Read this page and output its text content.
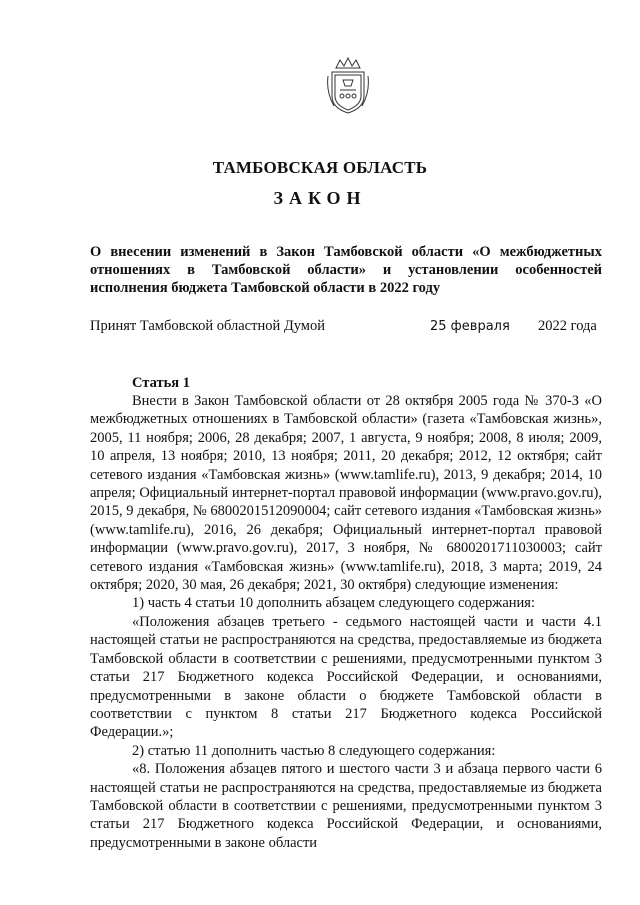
ТАМБОВСКАЯ ОБЛАСТЬ
ЗАКОН
О внесении изменений в Закон Тамбовской области «О межбюджетных отношениях в Тамбовской области» и установлении особенностей исполнения бюджета Тамбовской области в 2022 году
Принят Тамбовской областной Думой	25 февраля 2022 года
Статья 1

Внести в Закон Тамбовской области от 28 октября 2005 года № 370-З «О межбюджетных отношениях в Тамбовской области» (газета «Тамбовская жизнь», 2005, 11 ноября; 2006, 28 декабря; 2007, 1 августа, 9 ноября; 2008, 8 июля; 2009, 10 апреля, 13 ноября; 2010, 13 ноября; 2011, 20 декабря; 2012, 12 октября; сайт сетевого издания «Тамбовская жизнь» (www.tamlife.ru), 2013, 9 декабря; 2014, 10 апреля; Официальный интернет-портал правовой информации (www.pravo.gov.ru), 2015, 9 декабря, № 6800201512090004; сайт сетевого издания «Тамбовская жизнь» (www.tamlife.ru), 2016, 26 декабря; Официальный интернет-портал правовой информации (www.pravo.gov.ru), 2017, 3 ноября, № 6800201711030003; сайт сетевого издания «Тамбовская жизнь» (www.tamlife.ru), 2018, 3 марта; 2019, 24 октября; 2020, 30 мая, 26 декабря; 2021, 30 октября) следующие изменения:

1) часть 4 статьи 10 дополнить абзацем следующего содержания:

«Положения абзацев третьего - седьмого настоящей части и части 4.1 настоящей статьи не распространяются на средства, предоставляемые из бюджета Тамбовской области в соответствии с решениями, предусмотренными пунктом 3 статьи 217 Бюджетного кодекса Российской Федерации, и основаниями, предусмотренными в законе области о бюджете Тамбовской области в соответствии с пунктом 8 статьи 217 Бюджетного кодекса Российской Федерации.»;

2) статью 11 дополнить частью 8 следующего содержания:

«8. Положения абзацев пятого и шестого части 3 и абзаца первого части 6 настоящей статьи не распространяются на средства, предоставляемые из бюджета Тамбовской области в соответствии с решениями, предусмотренными пунктом 3 статьи 217 Бюджетного кодекса Российской Федерации, и основаниями, предусмотренными в законе области
